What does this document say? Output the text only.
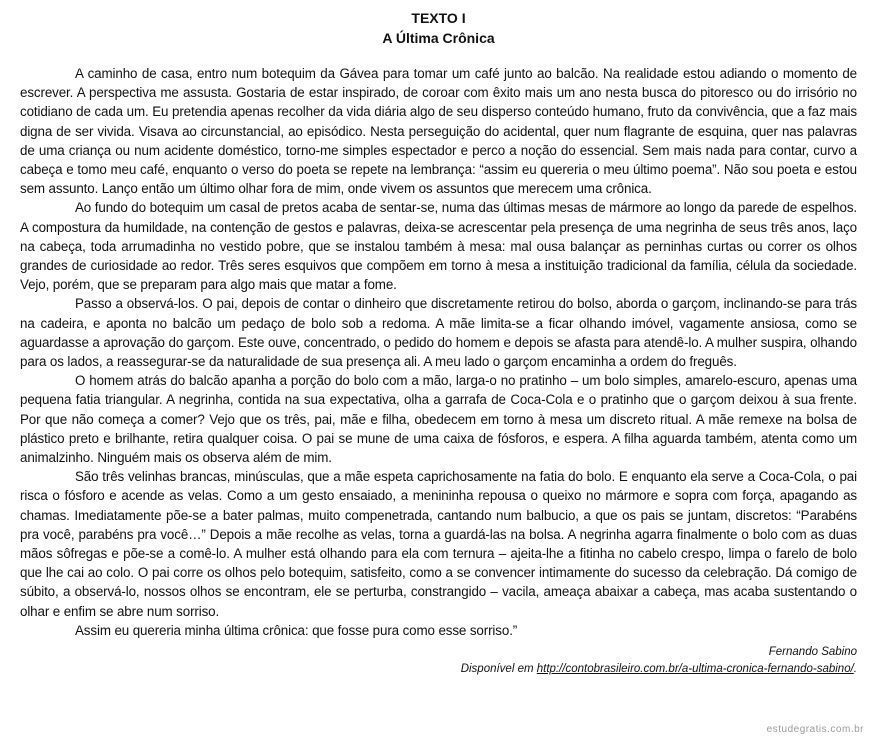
TEXTO I
A Última Crônica

A caminho de casa, entro num botequim da Gávea para tomar um café junto ao balcão. Na realidade estou adiando o momento de escrever. A perspectiva me assusta. Gostaria de estar inspirado, de coroar com êxito mais um ano nesta busca do pitoresco ou do irrisório no cotidiano de cada um. Eu pretendia apenas recolher da vida diária algo de seu disperso conteúdo humano, fruto da convivência, que a faz mais digna de ser vivida. Visava ao circunstancial, ao episódico. Nesta perseguição do acidental, quer num flagrante de esquina, quer nas palavras de uma criança ou num acidente doméstico, torno-me simples espectador e perco a noção do essencial. Sem mais nada para contar, curvo a cabeça e tomo meu café, enquanto o verso do poeta se repete na lembrança: “assim eu quereria o meu último poema”. Não sou poeta e estou sem assunto. Lanço então um último olhar fora de mim, onde vivem os assuntos que merecem uma crônica.

Ao fundo do botequim um casal de pretos acaba de sentar-se, numa das últimas mesas de mármore ao longo da parede de espelhos. A compostura da humildade, na contenção de gestos e palavras, deixa-se acrescentar pela presença de uma negrinha de seus três anos, laço na cabeça, toda arrumadinha no vestido pobre, que se instalou também à mesa: mal ousa balançar as perninhas curtas ou correr os olhos grandes de curiosidade ao redor. Três seres esquivos que compõem em torno à mesa a instituição tradicional da família, célula da sociedade. Vejo, porém, que se preparam para algo mais que matar a fome.

Passo a observá-los. O pai, depois de contar o dinheiro que discretamente retirou do bolso, aborda o garçom, inclinando-se para trás na cadeira, e aponta no balcão um pedaço de bolo sob a redoma. A mãe limita-se a ficar olhando imóvel, vagamente ansiosa, como se aguardasse a aprovação do garçom. Este ouve, concentrado, o pedido do homem e depois se afasta para atendê-lo. A mulher suspira, olhando para os lados, a reassegurar-se da naturalidade de sua presença ali. A meu lado o garçom encaminha a ordem do freguês.

O homem atrás do balcão apanha a porção do bolo com a mão, larga-o no pratinho – um bolo simples, amarelo-escuro, apenas uma pequena fatia triangular. A negrinha, contida na sua expectativa, olha a garrafa de Coca-Cola e o pratinho que o garçom deixou à sua frente. Por que não começa a comer? Vejo que os três, pai, mãe e filha, obedecem em torno à mesa um discreto ritual. A mãe remexe na bolsa de plástico preto e brilhante, retira qualquer coisa. O pai se mune de uma caixa de fósforos, e espera. A filha aguarda também, atenta como um animalzinho. Ninguém mais os observa além de mim.

São três velinhas brancas, minúsculas, que a mãe espeta caprichosamente na fatia do bolo. E enquanto ela serve a Coca-Cola, o pai risca o fósforo e acende as velas. Como a um gesto ensaiado, a menininha repousa o queixo no mármore e sopra com força, apagando as chamas. Imediatamente põe-se a bater palmas, muito compenetrada, cantando num balbucio, a que os pais se juntam, discretos: “Parabéns pra você, parabéns pra você…” Depois a mãe recolhe as velas, torna a guardá-las na bolsa. A negrinha agarra finalmente o bolo com as duas mãos sôfregas e põe-se a comê-lo. A mulher está olhando para ela com ternura – ajeita-lhe a fitinha no cabelo crespo, limpa o farelo de bolo que lhe cai ao colo. O pai corre os olhos pelo botequim, satisfeito, como a se convencer intimamente do sucesso da celebração. Dá comigo de súbito, a observá-lo, nossos olhos se encontram, ele se perturba, constrangido – vacila, ameaça abaixar a cabeça, mas acaba sustentando o olhar e enfim se abre num sorriso.

Assim eu quereria minha última crônica: que fosse pura como esse sorriso.”

Fernando Sabino
Disponível em http://contobrasileiro.com.br/a-ultima-cronica-fernando-sabino/.
estudegratis.com.br
